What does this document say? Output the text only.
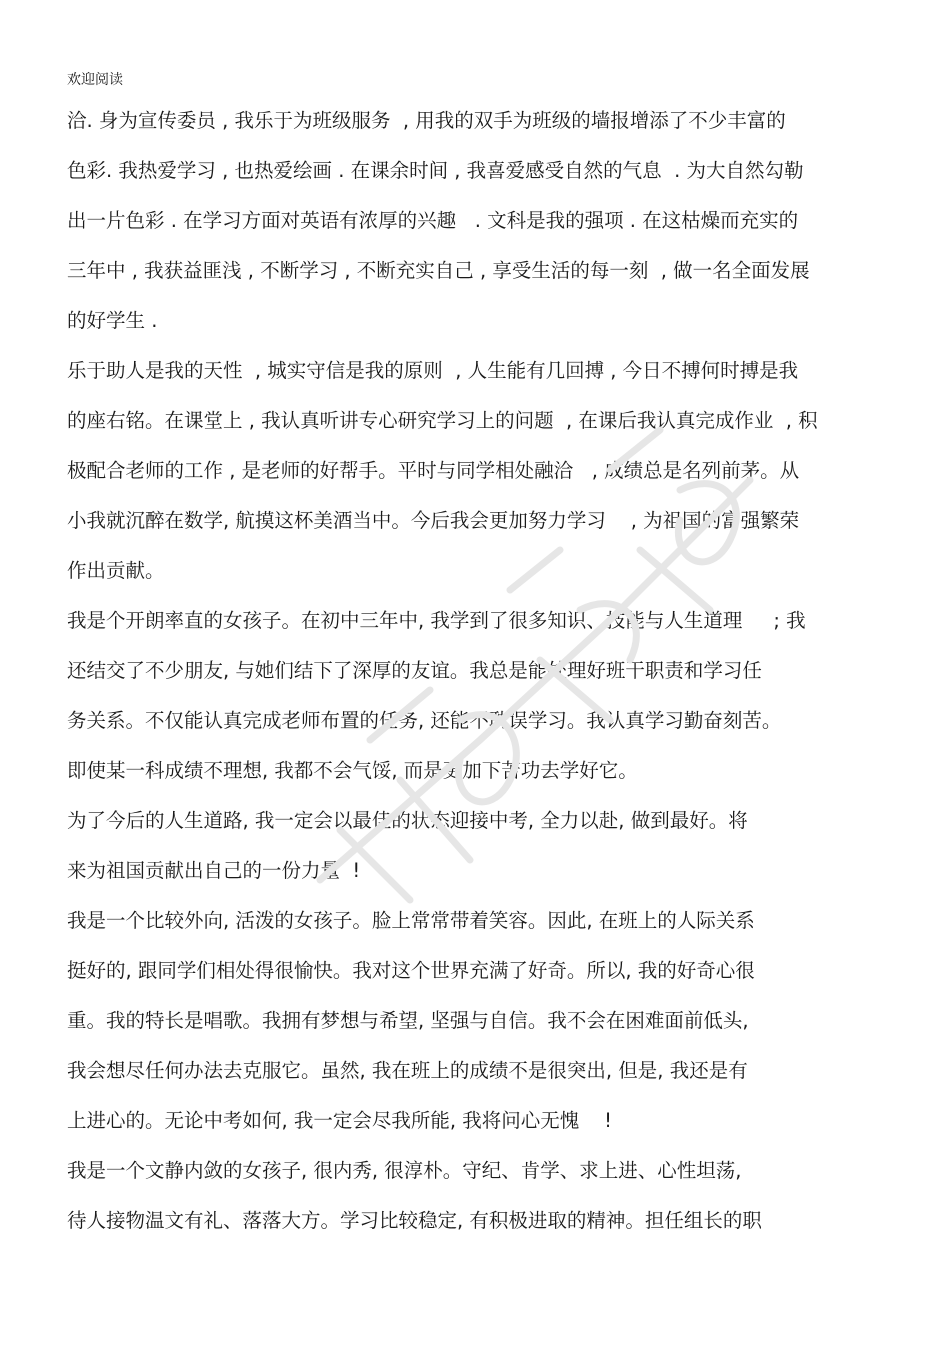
欢迎阅读
洽. 身为宣传委员 , 我乐于为班级服务  , 用我的双手为班级的墙报增添了不少丰富的
色彩. 我热爱学习 , 也热爱绘画 . 在课余时间 , 我喜爱感受自然的气息  . 为大自然勾勒
出一片色彩 . 在学习方面对英语有浓厚的兴趣   . 文科是我的强项 . 在这枯燥而充实的
三年中 , 我获益匪浅 , 不断学习 , 不断充实自己 , 享受生活的每一刻  , 做一名全面发展
的好学生 .
乐于助人是我的天性  , 城实守信是我的原则  , 人生能有几回搏 , 今日不搏何时搏是我
的座右铭。在课堂上 , 我认真听讲专心研究学习上的问题  , 在课后我认真完成作业  , 积
极配合老师的工作 , 是老师的好帮手。平时与同学相处融洽   , 成绩总是名列前茅。从
小我就沉醉在数学, 航摸这杯美酒当中。今后我会更加努力学习    , 为祖国的富强繁荣
作出贡献。
我是个开朗率直的女孩子。在初中三年中, 我学到了很多知识、技能与人生道理     ; 我
还结交了不少朋友, 与她们结下了深厚的友谊。我总是能处理好班干职责和学习任
务关系。不仅能认真完成老师布置的任务, 还能不耽误学习。我认真学习勤奋刻苦。
即使某一科成绩不理想, 我都不会气馁, 而是更加下苦功去学好它。
为了今后的人生道路, 我一定会以最佳的状态迎接中考, 全力以赴, 做到最好。将
来为祖国贡献出自己的一份力量  !
我是一个比较外向, 活泼的女孩子。脸上常常带着笑容。因此, 在班上的人际关系
挺好的, 跟同学们相处得很愉快。我对这个世界充满了好奇。所以, 我的好奇心很
重。我的特长是唱歌。我拥有梦想与希望, 坚强与自信。我不会在困难面前低头,
我会想尽任何办法去克服它。虽然, 我在班上的成绩不是很突出, 但是, 我还是有
上进心的。无论中考如何, 我一定会尽我所能, 我将问心无愧    !
我是一个文静内敛的女孩子, 很内秀, 很淳朴。守纪、肯学、求上进、心性坦荡,
待人接物温文有礼、落落大方。学习比较稳定, 有积极进取的精神。担任组长的职
